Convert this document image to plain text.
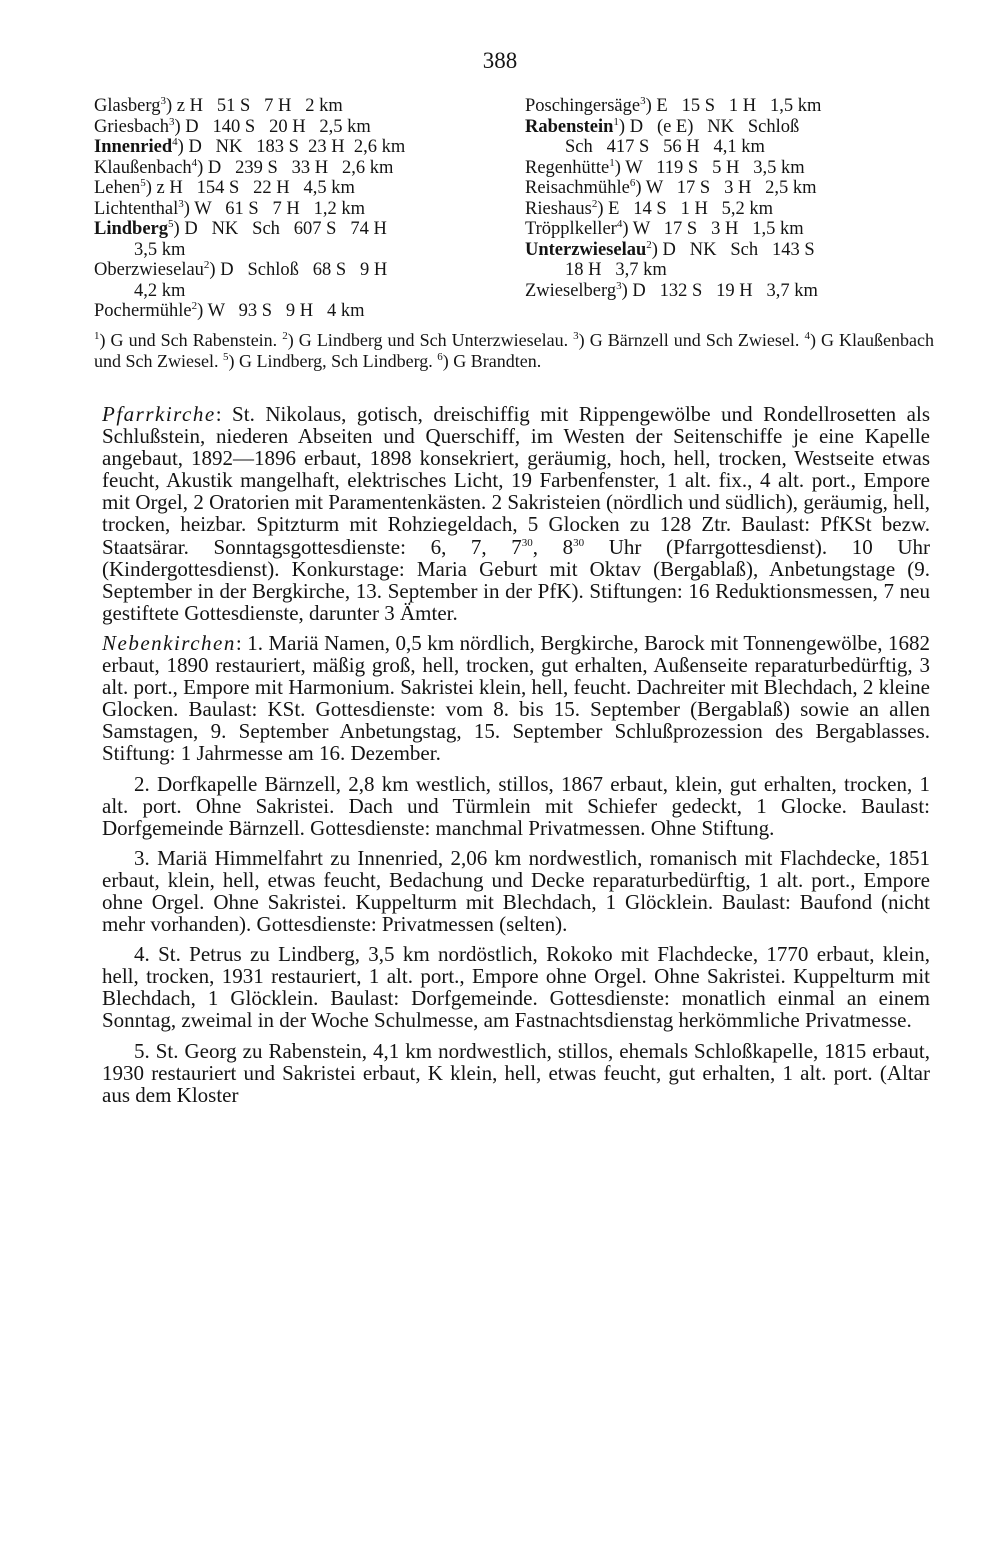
388
Glasberg$^3$) z H   51 S   7 H   2 km
Griesbach$^3$) D   140 S   20 H   2,5 km
Innenried$^4$) D   NK   183 S  23 H  2,6 km
Klaußenbach$^4$) D   239 S   33 H   2,6 km
Lehen$^5$) z H   154 S   22 H   4,5 km
Lichtenthal$^3$) W   61 S   7 H   1,2 km
Lindberg$^5$) D   NK   Sch   607 S   74 H
3,5 km
Oberzwieselau$^2$) D   Schloß   68 S   9 H
4,2 km
Pochermühle$^2$) W   93 S   9 H   4 km
Poschingersäge$^3$) E   15 S   1 H   1,5 km
Rabenstein$^1$) D   (e E)   NK   Schloß
Sch   417 S   56 H   4,1 km
Regenhütte$^1$) W   119 S   5 H   3,5 km
Reisachmühle$^6$) W   17 S   3 H   2,5 km
Rieshaus$^2$) E   14 S   1 H   5,2 km
Tröpplkeller$^4$) W   17 S   3 H   1,5 km
Unterzwieselau$^2$) D   NK   Sch   143 S
18 H   3,7 km
Zwieselberg$^3$) D   132 S   19 H   3,7 km
$^1$) G und Sch Rabenstein. $^2$) G Lindberg und Sch Unterzwieselau. $^3$) G Bärnzell und Sch Zwiesel. $^4$) G Klaußenbach und Sch Zwiesel. $^5$) G Lindberg, Sch Lindberg. $^6$) G Brandten.

Pfarrkirche: St. Nikolaus, gotisch, dreischiffig mit Rippengewölbe und Rondellrosetten als Schlußstein, niederen Abseiten und Querschiff, im Westen der Seitenschiffe je eine Kapelle angebaut, 1892—1896 erbaut, 1898 konsekriert, geräumig, hoch, hell, trocken, Westseite etwas feucht, Akustik mangelhaft, elektrisches Licht, 19 Farbenfenster, 1 alt. fix., 4 alt. port., Empore mit Orgel, 2 Oratorien mit Paramentenkästen. 2 Sakristeien (nördlich und südlich), geräumig, hell, trocken, heizbar. Spitzturm mit Rohziegeldach, 5 Glocken zu 128 Ztr. Baulast: PfKSt bezw. Staatsärar. Sonntagsgottesdienste: 6, 7, $7^{30}$, $8^{30}$ Uhr (Pfarrgottesdienst). 10 Uhr (Kindergottesdienst). Konkurstage: Maria Geburt mit Oktav (Bergablaß), Anbetungstage (9. September in der Bergkirche, 13. September in der PfK). Stiftungen: 16 Reduktionsmessen, 7 neu gestiftete Gottesdienste, darunter 3 Ämter.

Nebenkirchen: 1. Mariä Namen, 0,5 km nördlich, Bergkirche, Barock mit Tonnengewölbe, 1682 erbaut, 1890 restauriert, mäßig groß, hell, trocken, gut erhalten, Außenseite reparaturbedürftig, 3 alt. port., Empore mit Harmonium. Sakristei klein, hell, feucht. Dachreiter mit Blechdach, 2 kleine Glocken. Baulast: KSt. Gottesdienste: vom 8. bis 15. September (Bergablaß) sowie an allen Samstagen, 9. September Anbetungstag, 15. September Schlußprozession des Bergablasses. Stiftung: 1 Jahrmesse am 16. Dezember.

2. Dorfkapelle Bärnzell, 2,8 km westlich, stillos, 1867 erbaut, klein, gut erhalten, trocken, 1 alt. port. Ohne Sakristei. Dach und Türmlein mit Schiefer gedeckt, 1 Glocke. Baulast: Dorfgemeinde Bärnzell. Gottesdienste: manchmal Privatmessen. Ohne Stiftung.

3. Mariä Himmelfahrt zu Innenried, 2,06 km nordwestlich, romanisch mit Flachdecke, 1851 erbaut, klein, hell, etwas feucht, Bedachung und Decke reparaturbedürftig, 1 alt. port., Empore ohne Orgel. Ohne Sakristei. Kuppelturm mit Blechdach, 1 Glöcklein. Baulast: Baufond (nicht mehr vorhanden). Gottesdienste: Privatmessen (selten).

4. St. Petrus zu Lindberg, 3,5 km nordöstlich, Rokoko mit Flachdecke, 1770 erbaut, klein, hell, trocken, 1931 restauriert, 1 alt. port., Empore ohne Orgel. Ohne Sakristei. Kuppelturm mit Blechdach, 1 Glöcklein. Baulast: Dorfgemeinde. Gottesdienste: monatlich einmal an einem Sonntag, zweimal in der Woche Schulmesse, am Fastnachtsdienstag herkömmliche Privatmesse.

5. St. Georg zu Rabenstein, 4,1 km nordwestlich, stillos, ehemals Schloßkapelle, 1815 erbaut, 1930 restauriert und Sakristei erbaut, K klein, hell, etwas feucht, gut erhalten, 1 alt. port. (Altar aus dem Kloster
